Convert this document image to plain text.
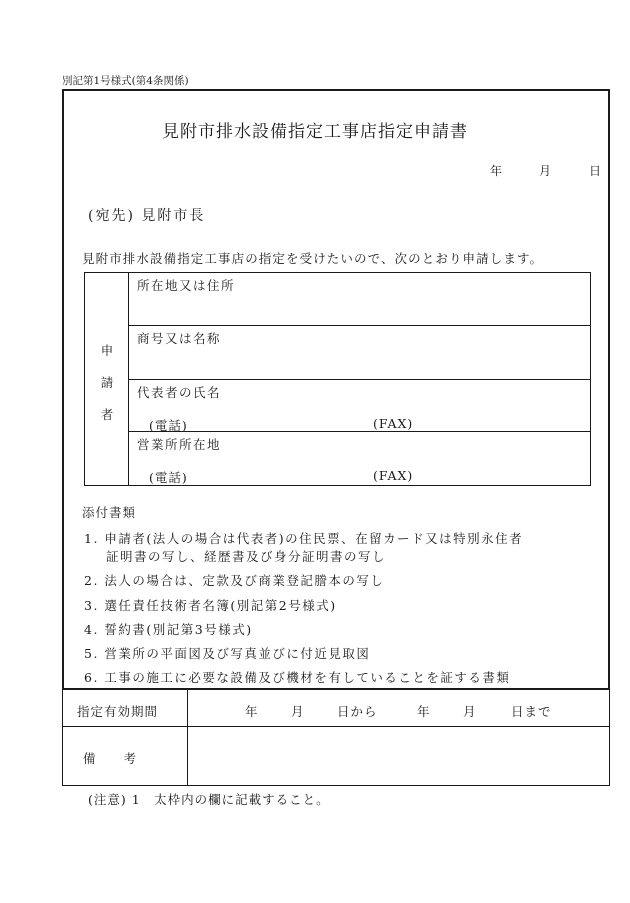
別記第1号様式(第4条関係)
見附市排水設備指定工事店指定申請書
年	月	日
(宛先) 見附市長
見附市排水設備指定工事店の指定を受けたいので、次のとおり申請します。
申
請
者
所在地又は住所
商号又は名称
代表者の氏名
(電話)	(FAX)
営業所所在地
(電話)	(FAX)
添付書類
1. 申請者(法人の場合は代表者)の住民票、在留カード又は特別永住者
証明書の写し、経歴書及び身分証明書の写し
2. 法人の場合は、定款及び商業登記謄本の写し
3. 選任責任技術者名簿(別記第2号様式)
4. 誓約書(別記第3号様式)
5. 営業所の平面図及び写真並びに付近見取図
6. 工事の施工に必要な設備及び機材を有していることを証する書類
指定有効期間	年	月	日から	年	月	日まで
備　　考
(注意) 1　太枠内の欄に記載すること。
